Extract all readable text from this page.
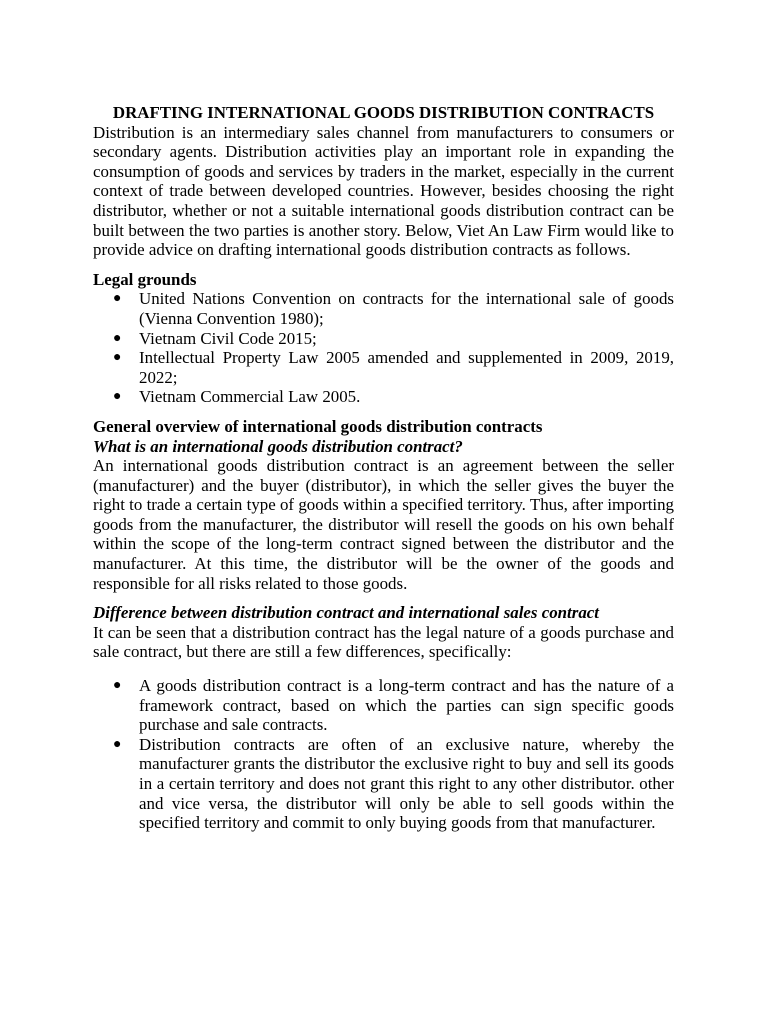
DRAFTING INTERNATIONAL GOODS DISTRIBUTION CONTRACTS

Distribution is an intermediary sales channel from manufacturers to consumers or secondary agents. Distribution activities play an important role in expanding the consumption of goods and services by traders in the market, especially in the current context of trade between developed countries. However, besides choosing the right distributor, whether or not a suitable international goods distribution contract can be built between the two parties is another story. Below, Viet An Law Firm would like to provide advice on drafting international goods distribution contracts as follows.

Legal grounds
● United Nations Convention on contracts for the international sale of goods (Vienna Convention 1980);
● Vietnam Civil Code 2015;
● Intellectual Property Law 2005 amended and supplemented in 2009, 2019, 2022;
● Vietnam Commercial Law 2005.
General overview of international goods distribution contracts
What is an international goods distribution contract?

An international goods distribution contract is an agreement between the seller (manufacturer) and the buyer (distributor), in which the seller gives the buyer the right to trade a certain type of goods within a specified territory. Thus, after importing goods from the manufacturer, the distributor will resell the goods on his own behalf within the scope of the long-term contract signed between the distributor and the manufacturer. At this time, the distributor will be the owner of the goods and responsible for all risks related to those goods.

Difference between distribution contract and international sales contract

It can be seen that a distribution contract has the legal nature of a goods purchase and sale contract, but there are still a few differences, specifically:

● A goods distribution contract is a long-term contract and has the nature of a framework contract, based on which the parties can sign specific goods purchase and sale contracts.
● Distribution contracts are often of an exclusive nature, whereby the manufacturer grants the distributor the exclusive right to buy and sell its goods in a certain territory and does not grant this right to any other distributor. other and vice versa, the distributor will only be able to sell goods within the specified territory and commit to only buying goods from that manufacturer.
